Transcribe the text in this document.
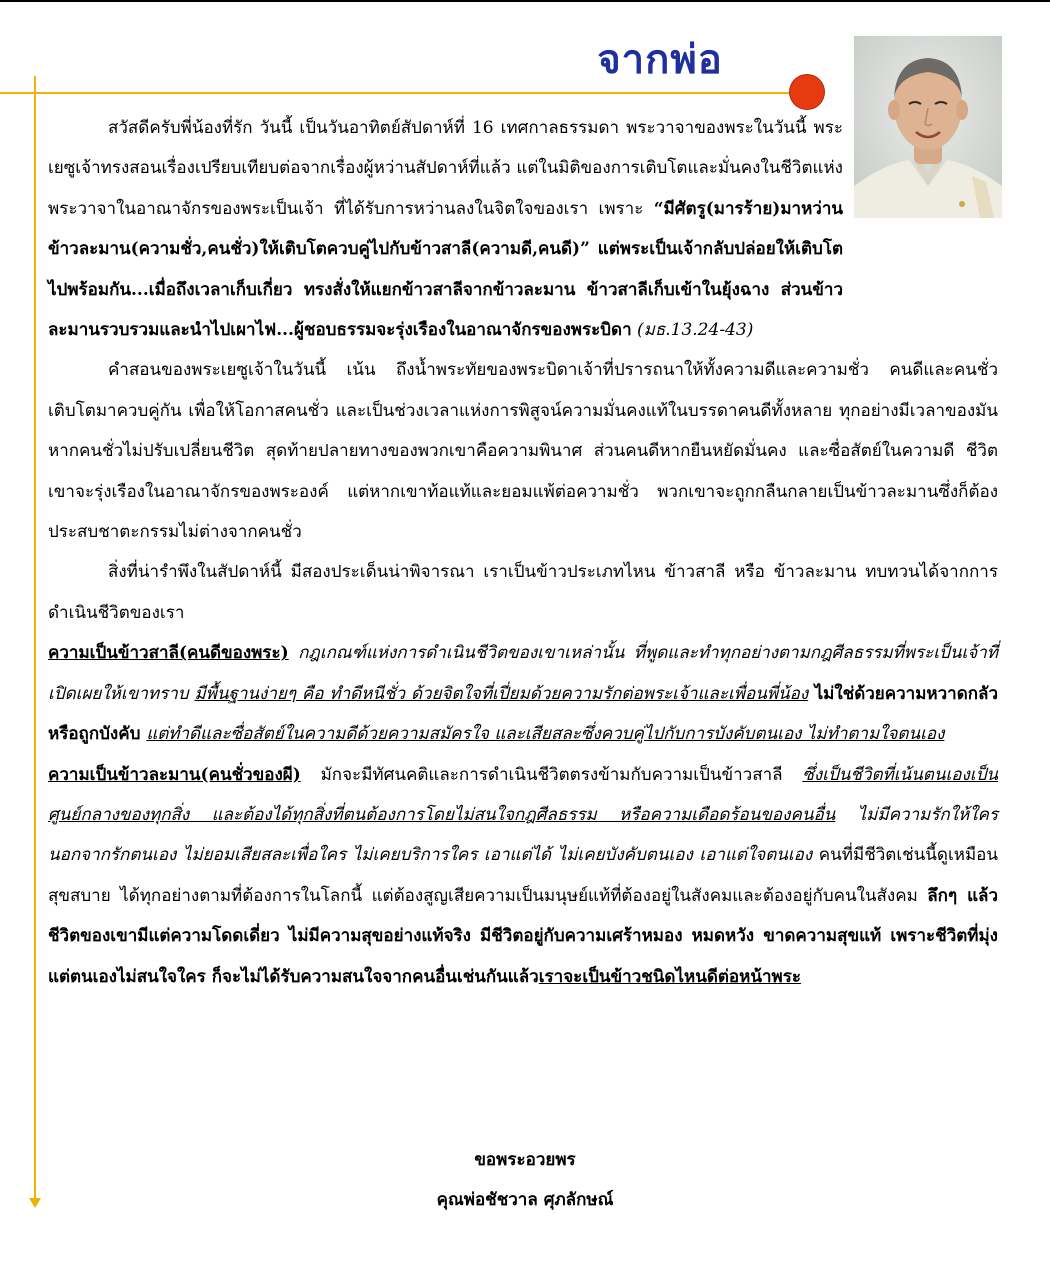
จากพ่อ

สวัสดีครับพี่น้องที่รัก วันนี้ เป็นวันอาทิตย์สัปดาห์ที่ 16 เทศกาลธรรมดา พระวาจาของพระในวันนี้ พระเยซูเจ้าทรงสอนเรื่องเปรียบเทียบต่อจากเรื่องผู้หว่านสัปดาห์ที่แล้ว แต่ในมิติของการเติบโตและมั่นคงในชีวิตแห่งพระวาจาในอาณาจักรของพระเป็นเจ้า ที่ได้รับการหว่านลงในจิตใจของเรา เพราะ “มีศัตรู(มารร้าย)มาหว่านข้าวละมาน(ความชั่ว,คนชั่ว)ให้เติบโตควบคู่ไปกับข้าวสาลี(ความดี,คนดี)” แต่พระเป็นเจ้ากลับปล่อยให้เติบโตไปพร้อมกัน...เมื่อถึงเวลาเก็บเกี่ยว ทรงสั่งให้แยกข้าวสาลีจากข้าวละมาน ข้าวสาลีเก็บเข้าในยุ้งฉาง ส่วนข้าวละมานรวบรวมและนำไปเผาไฟ...ผู้ชอบธรรมจะรุ่งเรืองในอาณาจักรของพระบิดา (มธ.13.24-43)

คำสอนของพระเยซูเจ้าในวันนี้ เน้น ถึงน้ำพระทัยของพระบิดาเจ้าที่ปรารถนาให้ทั้งความดีและความชั่ว คนดีและคนชั่วเติบโตมาควบคู่กัน เพื่อให้โอกาสคนชั่ว และเป็นช่วงเวลาแห่งการพิสูจน์ความมั่นคงแท้ในบรรดาคนดีทั้งหลาย ทุกอย่างมีเวลาของมัน หากคนชั่วไม่ปรับเปลี่ยนชีวิต สุดท้ายปลายทางของพวกเขาคือความพินาศ ส่วนคนดีหากยืนหยัดมั่นคง และซื่อสัตย์ในความดี ชีวิตเขาจะรุ่งเรืองในอาณาจักรของพระองค์ แต่หากเขาท้อแท้และยอมแพ้ต่อความชั่ว พวกเขาจะถูกกลืนกลายเป็นข้าวละมานซึ่งก็ต้องประสบชาตะกรรมไม่ต่างจากคนชั่ว

สิ่งที่น่ารำพึงในสัปดาห์นี้ มีสองประเด็นน่าพิจารณา เราเป็นข้าวประเภทไหน ข้าวสาลี หรือ ข้าวละมาน ทบทวนได้จากการดำเนินชีวิตของเรา

ความเป็นข้าวสาลี(คนดีของพระ) กฎเกณฑ์แห่งการดำเนินชีวิตของเขาเหล่านั้น ที่พูดและทำทุกอย่างตามกฎศีลธรรมที่พระเป็นเจ้าที่เปิดเผยให้เขาทราบ มีพื้นฐานง่ายๆ คือ ทำดีหนีชั่ว ด้วยจิตใจที่เปี่ยมด้วยความรักต่อพระเจ้าและเพื่อนพี่น้อง ไม่ใช่ด้วยความหวาดกลัวหรือถูกบังคับ แต่ทำดีและซื่อสัตย์ในความดีด้วยความสมัครใจ และเสียสละซึ่งควบคู่ไปกับการบังคับตนเอง ไม่ทำตามใจตนเอง

ความเป็นข้าวละมาน(คนชั่วของผี) มักจะมีทัศนคติและการดำเนินชีวิตตรงข้ามกับความเป็นข้าวสาลี ซึ่งเป็นชีวิตที่เน้นตนเองเป็นศูนย์กลางของทุกสิ่ง และต้องได้ทุกสิ่งที่ตนต้องการโดยไม่สนใจกฎศีลธรรม หรือความเดือดร้อนของคนอื่น ไม่มีความรักให้ใครนอกจากรักตนเอง ไม่ยอมเสียสละเพื่อใคร ไม่เคยบริการใคร เอาแต่ได้ ไม่เคยบังคับตนเอง เอาแต่ใจตนเอง คนที่มีชีวิตเช่นนี้ดูเหมือนสุขสบาย ได้ทุกอย่างตามที่ต้องการในโลกนี้ แต่ต้องสูญเสียความเป็นมนุษย์แท้ที่ต้องอยู่ในสังคมและต้องอยู่กับคนในสังคม ลึกๆ แล้วชีวิตของเขามีแต่ความโดดเดี่ยว ไม่มีความสุขอย่างแท้จริง มีชีวิตอยู่กับความเศร้าหมอง หมดหวัง ขาดความสุขแท้ เพราะชีวิตที่มุ่งแต่ตนเองไม่สนใจใคร ก็จะไม่ได้รับความสนใจจากคนอื่นเช่นกันแล้วเราจะเป็นข้าวชนิดไหนดีต่อหน้าพระ

ขอพระอวยพร
คุณพ่อชัชวาล ศุภลักษณ์
